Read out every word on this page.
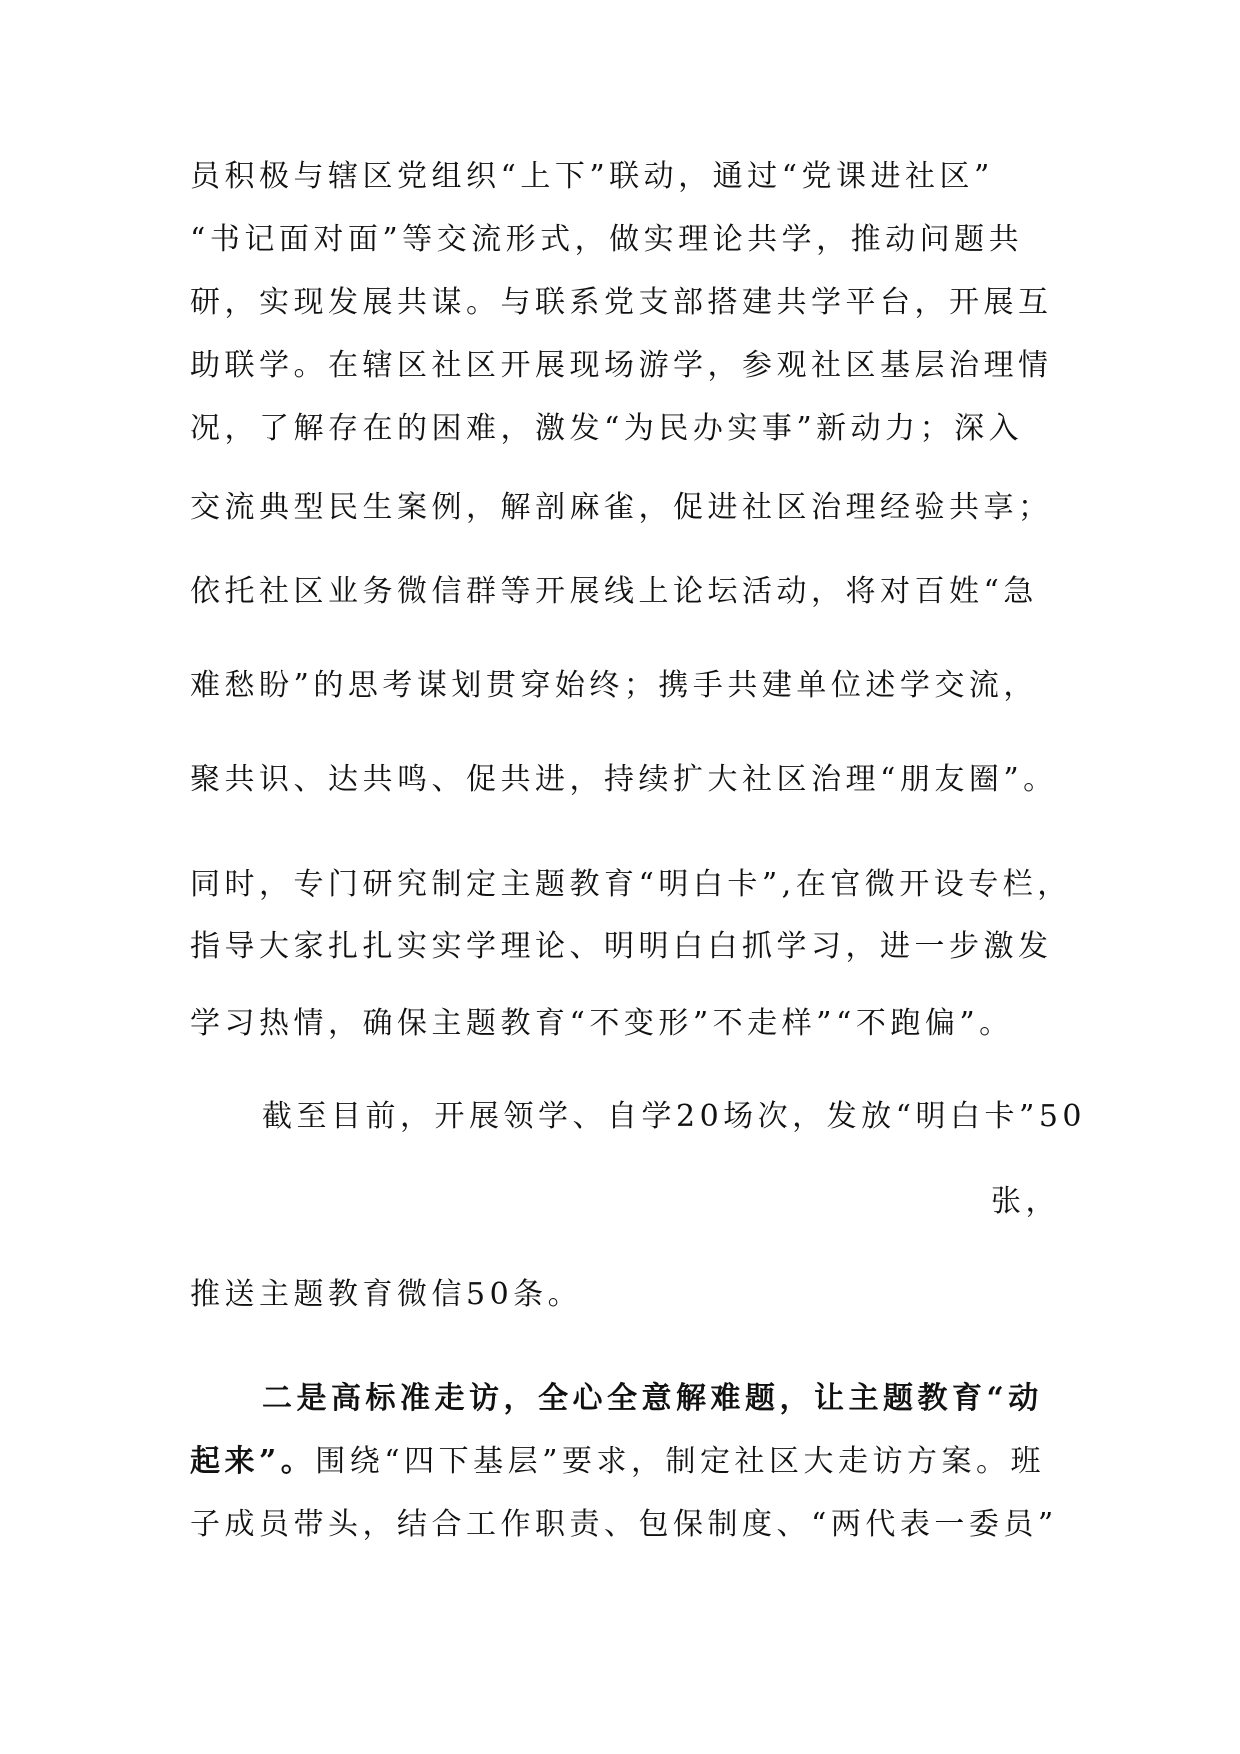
员积极与辖区党组织“上下”联动，通过“党课进社区”
“书记面对面”等交流形式，做实理论共学，推动问题共
研，实现发展共谋。与联系党支部搭建共学平台，开展互
助联学。在辖区社区开展现场游学，参观社区基层治理情
况，了解存在的困难，激发“为民办实事”新动力；深入
交流典型民生案例，解剖麻雀，促进社区治理经验共享；
依托社区业务微信群等开展线上论坛活动，将对百姓“急
难愁盼”的思考谋划贯穿始终；携手共建单位述学交流，
聚共识、达共鸣、促共进，持续扩大社区治理“朋友圈”。
同时，专门研究制定主题教育“明白卡”,在官微开设专栏，
指导大家扎扎实实学理论、明明白白抓学习，进一步激发
学习热情，确保主题教育“不变形”不走样”“不跑偏”。
截至目前，开展领学、自学20场次，发放“明白卡”50
张，
推送主题教育微信50条。
二是高标准走访，全心全意解难题，让主题教育“动
起来”。围绕“四下基层”要求，制定社区大走访方案。班
子成员带头，结合工作职责、包保制度、“两代表一委员”
